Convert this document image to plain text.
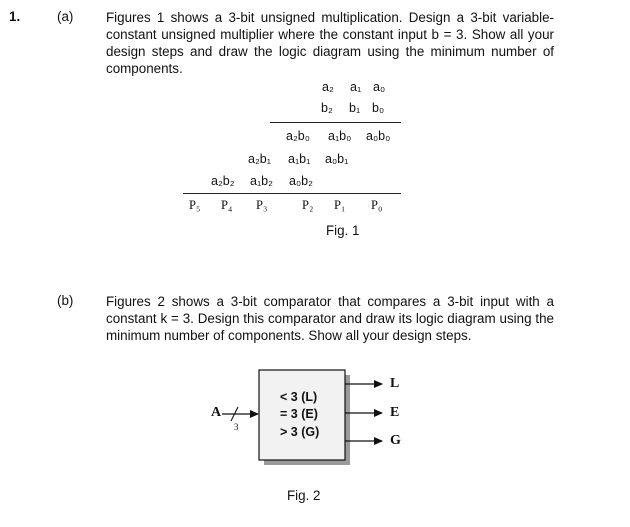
1.	(a) Figures 1 shows a 3-bit unsigned multiplication. Design a 3-bit variable-constant unsigned multiplier where the constant input b = 3. Show all your design steps and draw the logic diagram using the minimum number of components.
a₂ a₁ a₀
b₂ b₁ b₀
a₂b₀ a₁b₀ a₀b₀
a₂b₁ a₁b₁ a₀b₁
a₂b₂ a₁b₂ a₀b₂
P₅ P₄ P₃	P₂ P₁ P₀
Fig. 1
(b) Figures 2 shows a 3-bit comparator that compares a 3-bit input with a constant k = 3. Design this comparator and draw its logic diagram using the minimum number of components. Show all your design steps.
A
3
< 3 (L)
= 3 (E)
> 3 (G)
L
E
G
Fig. 2
